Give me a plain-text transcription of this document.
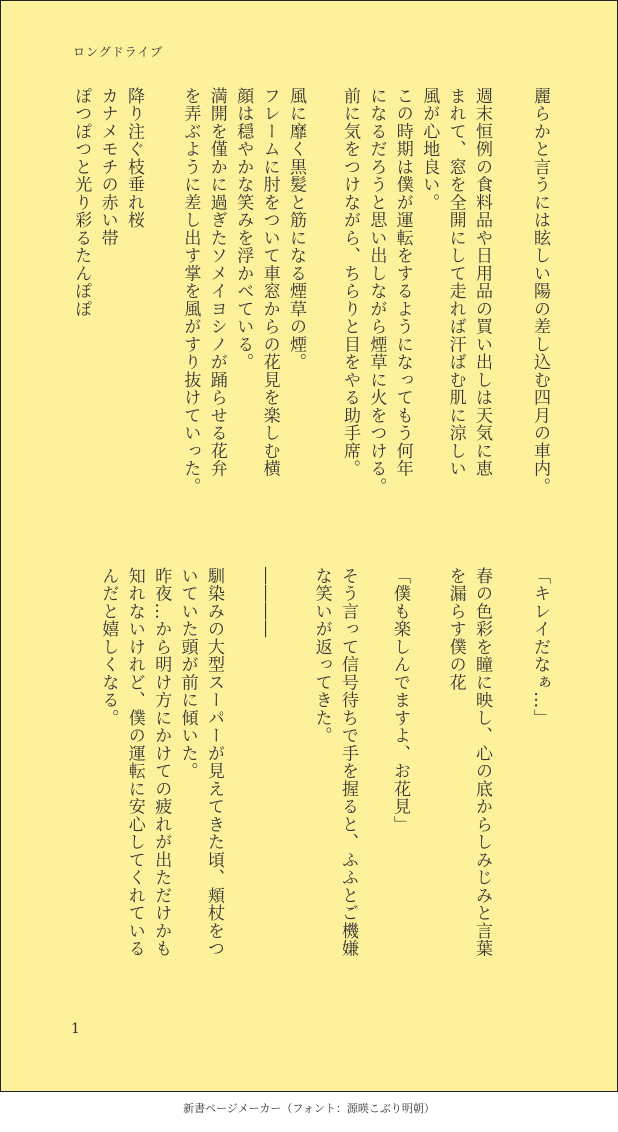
ロングドライブ
麗らかと言うには眩しい陽の差し込む四月の車内。
週末恒例の食料品や日用品の買い出しは天気に恵
まれて、窓を全開にして走れば汗ばむ肌に涼しい
風が心地良い。
この時期は僕が運転をするようになってもう何年
になるだろうと思い出しながら煙草に火をつける。
前に気をつけながら、ちらりと目をやる助手席。
風に靡く黒髪と筋になる煙草の煙。
フレームに肘をついて車窓からの花見を楽しむ横
顔は穏やかな笑みを浮かべている。
満開を僅かに過ぎたソメイヨシノが踊らせる花弁
を弄ぶように差し出す掌を風がすり抜けていった。
降り注ぐ枝垂れ桜
カナメモチの赤い帯
ぽつぽつと光り彩るたんぽぽ
「キレイだなぁ…」
春の色彩を瞳に映し、心の底からしみじみと言葉
を漏らす僕の花
「僕も楽しんでますよ、お花見」
そう言って信号待ちで手を握ると、ふふとご機嫌
な笑いが返ってきた。
――――
馴染みの大型スーパーが見えてきた頃、頬杖をつ
いていた頭が前に傾いた。
昨夜…から明け方にかけての疲れが出ただけかも
知れないけれど、僕の運転に安心してくれている
んだと嬉しくなる。
1
新書ページメーカー（フォント：源暎こぶり明朝）
